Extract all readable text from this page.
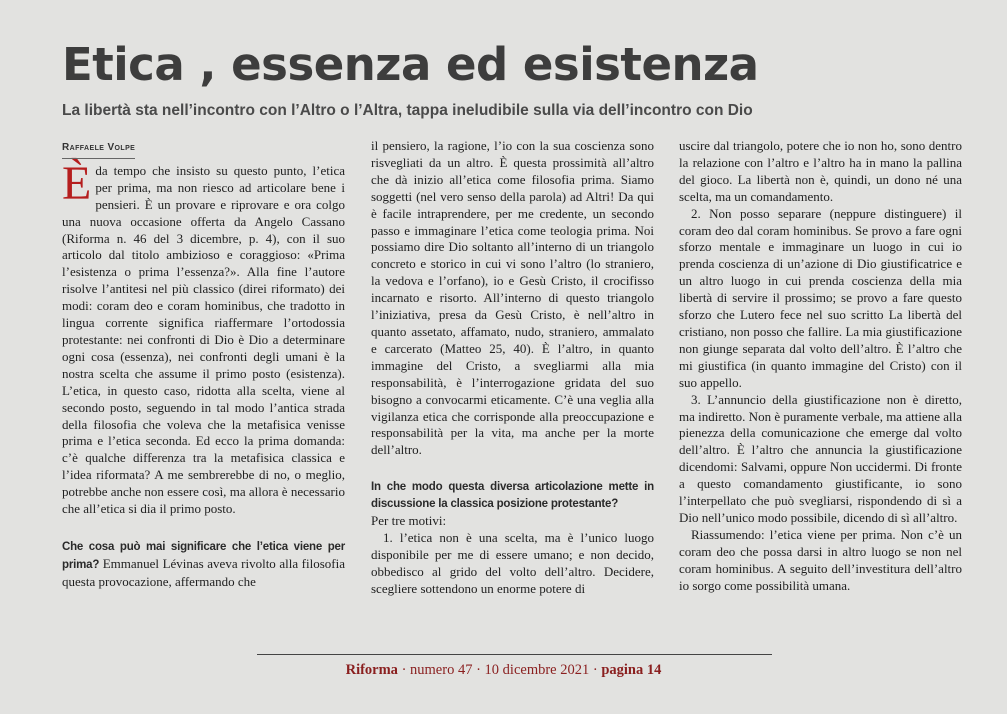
Etica , essenza ed esistenza
La libertà sta nell’incontro con l’Altro o l’Altra, tappa ineludibile sulla via dell’incontro con Dio
Raffaele Volpe

Èda tempo che insisto su questo punto, l’etica per prima, ma non riesco ad articolare bene i pensieri. È un provare e riprovare e ora colgo una nuova occasione offerta da Angelo Cassano (Riforma n. 46 del 3 dicembre, p. 4), con il suo articolo dal titolo ambizioso e coraggioso: «Prima l’esistenza o prima l’essenza?». Alla fine l’autore risolve l’antitesi nel più classico (direi riformato) dei modi: coram deo e coram hominibus, che tradotto in lingua corrente significa riaffermare l’ortodossia protestante: nei confronti di Dio è Dio a determinare ogni cosa (essenza), nei confronti degli umani è la nostra scelta che assume il primo posto (esistenza). L’etica, in questo caso, ridotta alla scelta, viene al secondo posto, seguendo in tal modo l’antica strada della filosofia che voleva che la metafisica venisse prima e l’etica seconda. Ed ecco la prima domanda: c’è qualche differenza tra la metafisica classica e l’idea riformata? A me sembrerebbe di no, o meglio, potrebbe anche non essere così, ma allora è necessario che all’etica si dia il primo posto.

Che cosa può mai significare che l’etica viene per prima? Emmanuel Lévinas aveva rivolto alla filosofia questa provocazione, affermando che

il pensiero, la ragione, l’io con la sua coscienza sono risvegliati da un altro. È questa prossimità all’altro che dà inizio all’etica come filosofia prima. Siamo soggetti (nel vero senso della parola) ad Altri! Da qui è facile intraprendere, per me credente, un secondo passo e immaginare l’etica come teologia prima. Noi possiamo dire Dio soltanto all’interno di un triangolo concreto e storico in cui vi sono l’altro (lo straniero, la vedova e l’orfano), io e Gesù Cristo, il crocifisso incarnato e risorto. All’interno di questo triangolo l’iniziativa, presa da Gesù Cristo, è nell’altro in quanto assetato, affamato, nudo, straniero, ammalato e carcerato (Matteo 25, 40). È l’altro, in quanto immagine del Cristo, a svegliarmi alla mia responsabilità, è l’interrogazione gridata del suo bisogno a convocarmi eticamente. C’è una veglia alla vigilanza etica che corrisponde alla preoccupazione e responsabilità per la vita, ma anche per la morte dell’altro.

In che modo questa diversa articolazione mette in discussione la classica posizione protestante?

Per tre motivi:

1. l’etica non è una scelta, ma è l’unico luogo disponibile per me di essere umano; e non decido, obbedisco al grido del volto dell’altro. Decidere, scegliere sottendono un enorme potere di

uscire dal triangolo, potere che io non ho, sono dentro la relazione con l’altro e l’altro ha in mano la pallina del gioco. La libertà non è, quindi, un dono né una scelta, ma un comandamento.

2. Non posso separare (neppure distinguere) il coram deo dal coram hominibus. Se provo a fare ogni sforzo mentale e immaginare un luogo in cui io prenda coscienza di un’azione di Dio giustificatrice e un altro luogo in cui prenda coscienza della mia libertà di servire il prossimo; se provo a fare questo sforzo che Lutero fece nel suo scritto La libertà del cristiano, non posso che fallire. La mia giustificazione non giunge separata dal volto dell’altro. È l’altro che mi giustifica (in quanto immagine del Cristo) con il suo appello.

3. L’annuncio della giustificazione non è diretto, ma indiretto. Non è puramente verbale, ma attiene alla pienezza della comunicazione che emerge dal volto dell’altro. È l’altro che annuncia la giustificazione dicendomi: Salvami, oppure Non uccidermi. Di fronte a questo comandamento giustificante, io sono l’interpellato che può svegliarsi, rispondendo di sì a Dio nell’unico modo possibile, dicendo di sì all’altro.

Riassumendo: l’etica viene per prima. Non c’è un coram deo che possa darsi in altro luogo se non nel coram hominibus. A seguito dell’investitura dell’altro io sorgo come possibilità umana.

Riforma · numero 47 · 10 dicembre 2021 · pagina 14
